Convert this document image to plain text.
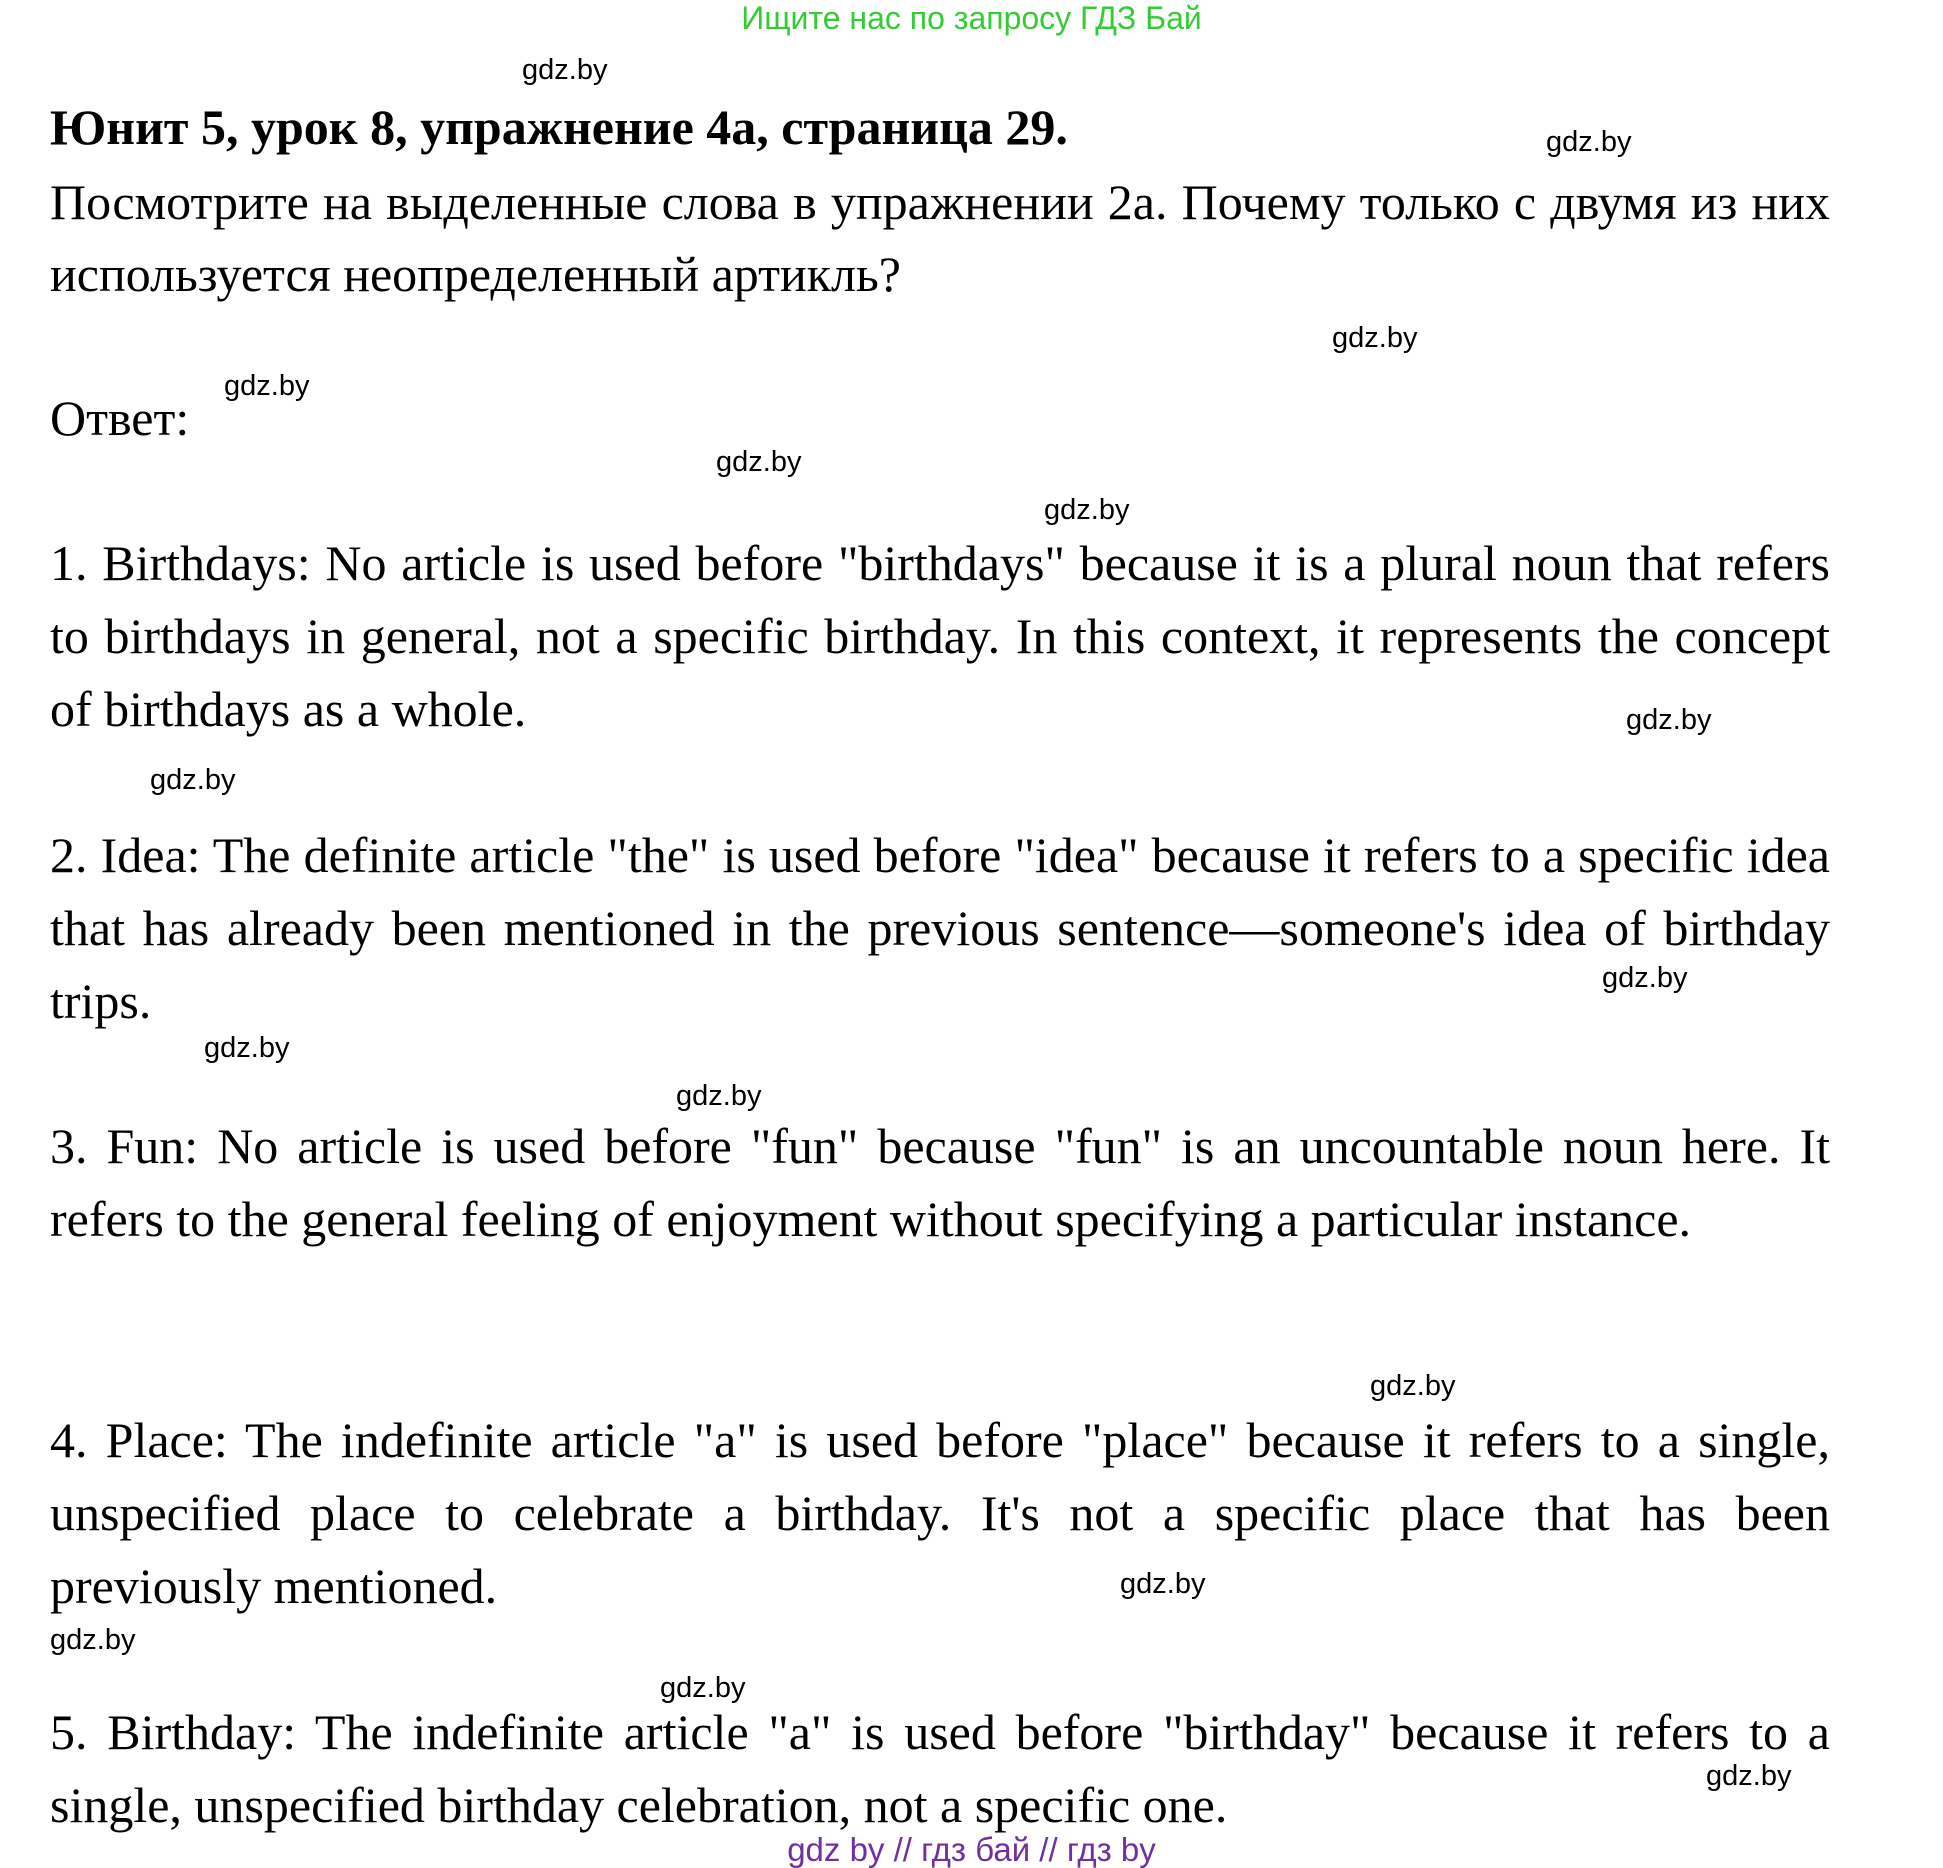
Ищите нас по запросу ГДЗ Бай
Юнит 5, урок 8, упражнение 4а, страница 29.
Посмотрите на выделенные слова в упражнении 2а. Почему только с двумя из них используется неопределенный артикль?
Ответ:
1. Birthdays: No article is used before "birthdays" because it is a plural noun that refers to birthdays in general, not a specific birthday. In this context, it represents the concept of birthdays as a whole.
2. Idea: The definite article "the" is used before "idea" because it refers to a specific idea that has already been mentioned in the previous sentence—someone's idea of birthday trips.
3. Fun: No article is used before "fun" because "fun" is an uncountable noun here. It refers to the general feeling of enjoyment without specifying a particular instance.
4. Place: The indefinite article "a" is used before "place" because it refers to a single, unspecified place to celebrate a birthday. It's not a specific place that has been previously mentioned.
5. Birthday: The indefinite article "a" is used before "birthday" because it refers to a single, unspecified birthday celebration, not a specific one.
gdz.by
gdz.by
gdz.by
gdz.by
gdz.by
gdz.by
gdz.by
gdz.by
gdz.by
gdz.by
gdz.by
gdz.by
gdz.by
gdz.by
gdz.by
gdz.by
gdz by // гдз бай // гдз by
